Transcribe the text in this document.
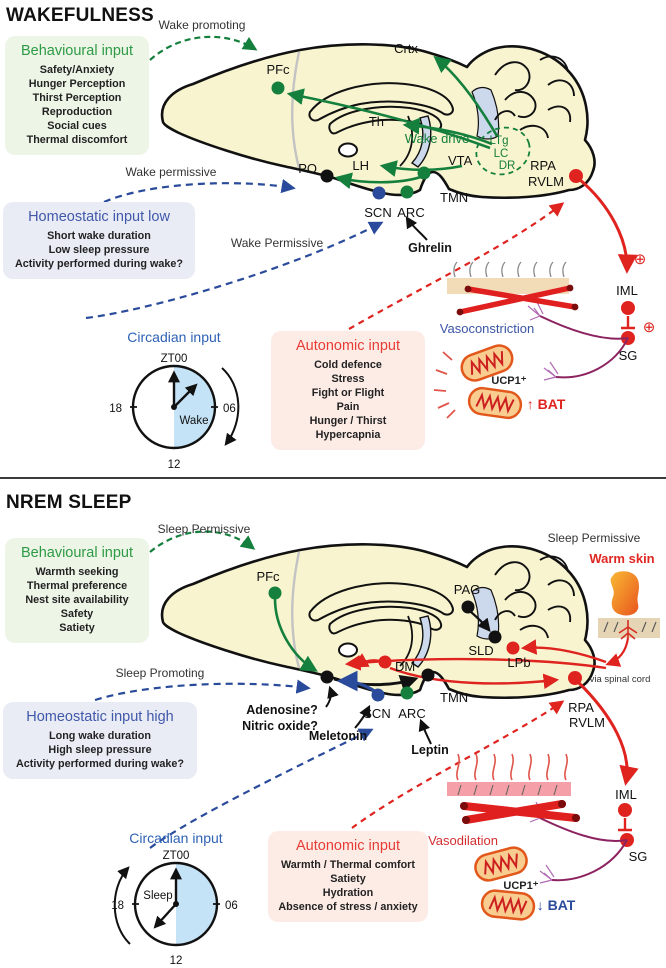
Wake promoting
Wake permissive
Wake Permissive
PFc
Crtx
Th
Wake drive
LH	VTA
LTg
LC
DR
PO
SCN ARC
TMN
RPA
RVLM
Ghrelin
Vasoconstriction
IML
SG
⊕
⊕
UCP1⁺
↑ BAT
ZT00
18	06
12
Wake
Sleep Permissive
Sleep Permissive
Warm skin
Sleep Promoting
PFc
PAG
SLD
LPb
DM
TMN
SCN ARC	RPA
RVLM
via spinal cord
Adenosine?
Nitric oxide?
Meletonin
Leptin
Vasodilation
IML
SG
UCP1⁺
↓ BAT
ZT00
18	06
12
Sleep
WAKEFULNESS
NREM SLEEP
Behavioural input
Safety/Anxiety
Hunger Perception
Thirst Perception
Reproduction
Social cues
Thermal discomfort
Homeostatic input low
Short wake duration
Low sleep pressure
Activity performed during wake?
Circadian input
Autonomic input
Cold defence
Stress
Fight or Flight
Pain
Hunger / Thirst
Hypercapnia
Behavioural input
Warmth seeking
Thermal preference
Nest site availability
Safety
Satiety
Homeostatic input high
Long wake duration
High sleep pressure
Activity performed during wake?
Circadian input	Autonomic input
Warmth / Thermal comfort
Satiety
Hydration
Absence of stress / anxiety
